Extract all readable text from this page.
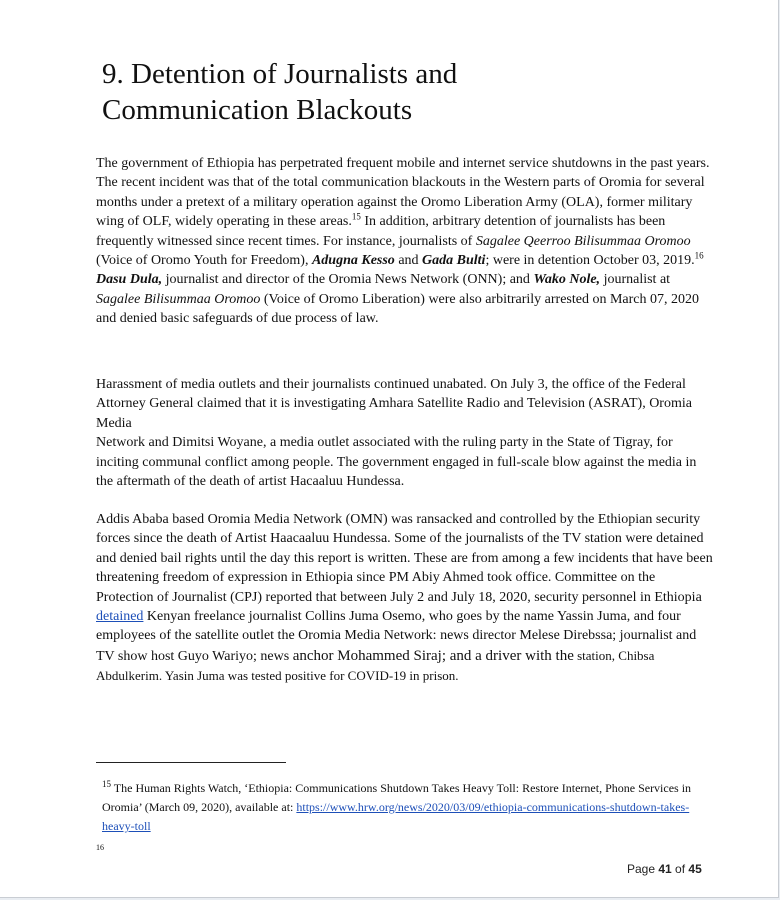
9. Detention of Journalists and
Communication Blackouts

The government of Ethiopia has perpetrated frequent mobile and internet service shutdowns in the past years. The recent incident was that of the total communication blackouts in the Western parts of Oromia for several months under a pretext of a military operation against the Oromo Liberation Army (OLA), former military wing of OLF, widely operating in these areas.$^{15}$ In addition, arbitrary detention of journalists has been frequently witnessed since recent times. For instance, journalists of Sagalee Qeerroo Bilisummaa Oromoo (Voice of Oromo Youth for Freedom), Adugna Kesso and Gada Bulti; were in detention October 03, 2019.16 Dasu Dula, journalist and director of the Oromia News Network (ONN); and Wako Nole, journalist at Sagalee Bilisummaa Oromoo (Voice of Oromo Liberation) were also arbitrarily arrested on March 07, 2020 and denied basic safeguards of due process of law.

Harassment of media outlets and their journalists continued unabated. On July 3, the office of the Federal Attorney General claimed that it is investigating Amhara Satellite Radio and Television (ASRAT), Oromia Media
Network and Dimitsi Woyane, a media outlet associated with the ruling party in the State of Tigray, for inciting communal conflict among people. The government engaged in full-scale blow against the media in the aftermath of the death of artist Hacaaluu Hundessa.

Addis Ababa based Oromia Media Network (OMN) was ransacked and controlled by the Ethiopian security forces since the death of Artist Haacaaluu Hundessa. Some of the journalists of the TV station were detained and denied bail rights until the day this report is written. These are from among a few incidents that have been threatening freedom of expression in Ethiopia since PM Abiy Ahmed took office. Committee on the Protection of Journalist (CPJ) reported that between July 2 and July 18, 2020, security personnel in Ethiopia detained Kenyan freelance journalist Collins Juma Osemo, who goes by the name Yassin Juma, and four employees of the satellite outlet the Oromia Media Network: news director Melese Direbssa; journalist and TV show host Guyo Wariyo; news anchor Mohammed Siraj; and a driver with the station, Chibsa Abdulkerim. Yasin Juma was tested positive for COVID-19 in prison.

$^{15}$ The Human Rights Watch, ‘Ethiopia: Communications Shutdown Takes Heavy Toll: Restore Internet, Phone Services in Oromia’ (March 09, 2020), available at: https://www.hrw.org/news/2020/03/09/ethiopia-communications-shutdown-takes-heavy-toll

16
Page 41 of 45
